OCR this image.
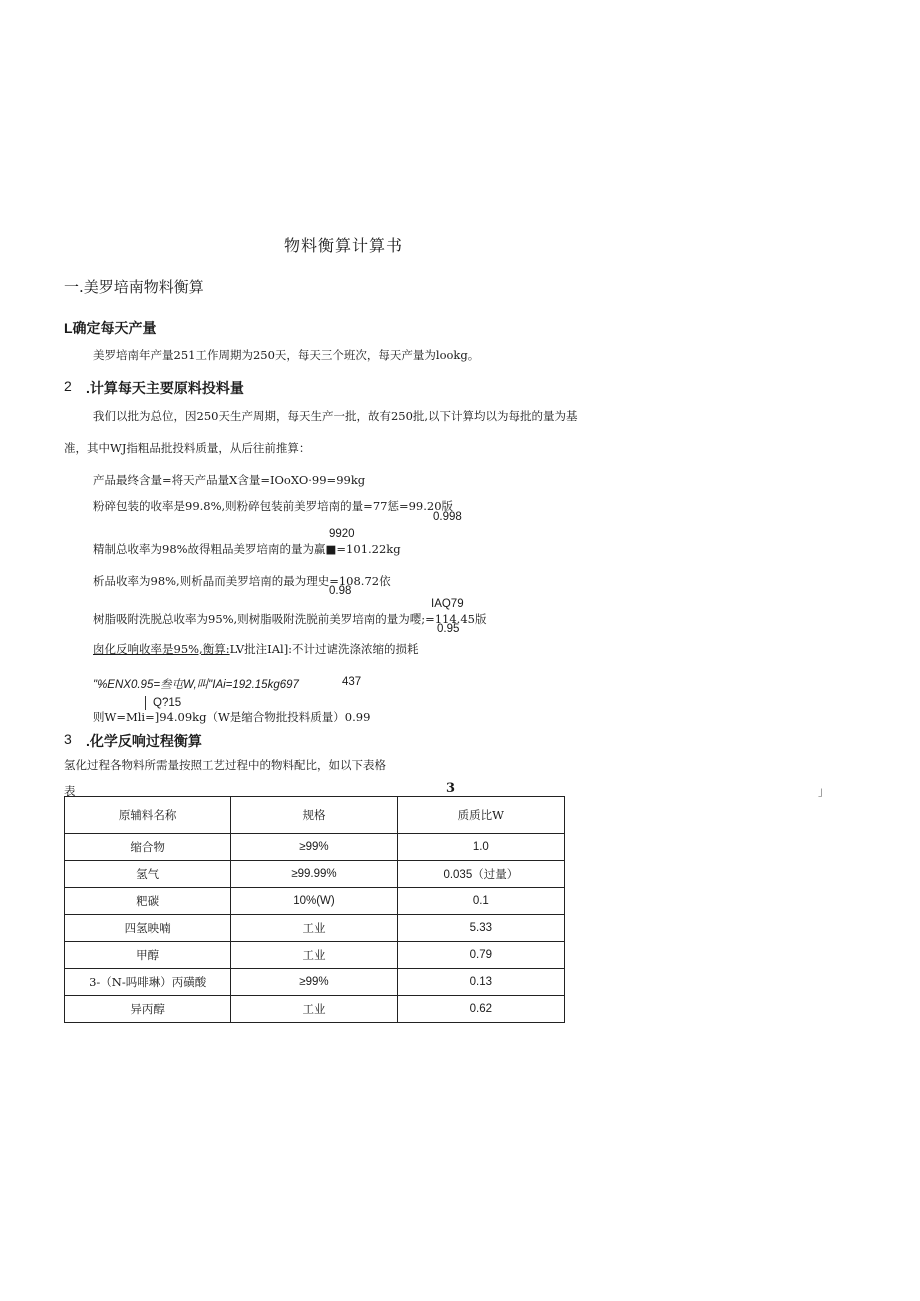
物料衡算计算书
一.美罗培南物料衡算
L确定每天产量
美罗培南年产量251工作周期为250天，每天三个班次，每天产量为lookg。
2 .计算每天主要原料投料量
我们以批为总位，因250天生产周期，每天生产一批，故有250批,以下计算均以为每批的量为基
准，其中WJ指粗品批投料质量，从后往前推算：
产品最终含量=将天产品量X含量=IOoXO·99=99kg
粉碎包装的收率是99.8%,则粉碎包装前美罗培南的量=77惩=99.20版
0.998
9920
精制总收率为98%故得粗品美罗培南的量为赢■=101.22kg
析品收率为98%,则析晶而美罗培南的最为理史=108.72依
0.98
IAQ79
树脂吸附洗脱总收率为95%,则树脂吸附洗脱前美罗培南的量为嘤;=114.45版
0.95
囱化反响收率是95%,衡算:LV批注IAl]:不计过谑洗涤浓缩的损耗
"%ENX0.95=叁屯W,叫"IAi=192.15kg697	437
Q?15
则W=Mli=]94.09kg（W是缩合物批投料质量）0.99
3 .化学反响过程衡算
氢化过程各物料所需量按照工艺过程中的物料配比，如以下表格
表	3	」
原辅料名称	规格	质质比W
缩合物	≥99%	1.0
氢气	≥99.99%	0.035（过量）
粑碳	10%(W)	0.1
四氢映喃	工业	5.33
甲醇	工业	0.79
3-（N-吗啡琳）丙磺酸	≥99%	0.13
异丙醇	工业	0.62
